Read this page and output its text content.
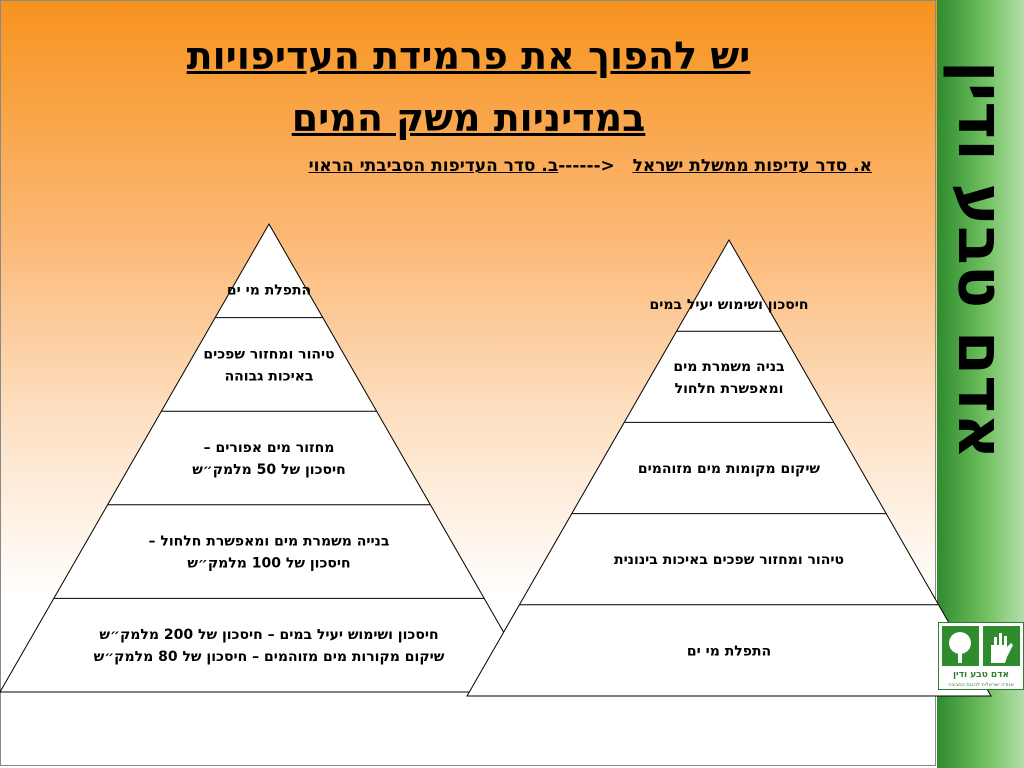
אדם טבע ודין
יש להפוך את פרמידת העדיפויות
במדיניות משק המים
א. סדר עדיפות ממשלת ישראל   ------>ב. סדר העדיפות הסביבתי הראוי
התפלת מי ים
טיהור ומחזור שפכים
באיכות גבוהה
מחזור מים אפורים –
חיסכון של 50 מלמק״ש
בנייה משמרת מים ומאפשרת חלחול –
חיסכון של 100 מלמק״ש
חיסכון ושימוש יעיל במים – חיסכון של 200 מלמק״ש
שיקום מקורות מים מזוהמים – חיסכון של 80 מלמק״ש
חיסכון ושימוש יעיל במים
בניה משמרת מים
ומאפשרת חלחול
שיקום מקומות מים מזוהמים
טיהור ומחזור שפכים באיכות בינונית
התפלת מי ים
אדם טבע ודין
אגודה ישראלית להגנת הסביבה
